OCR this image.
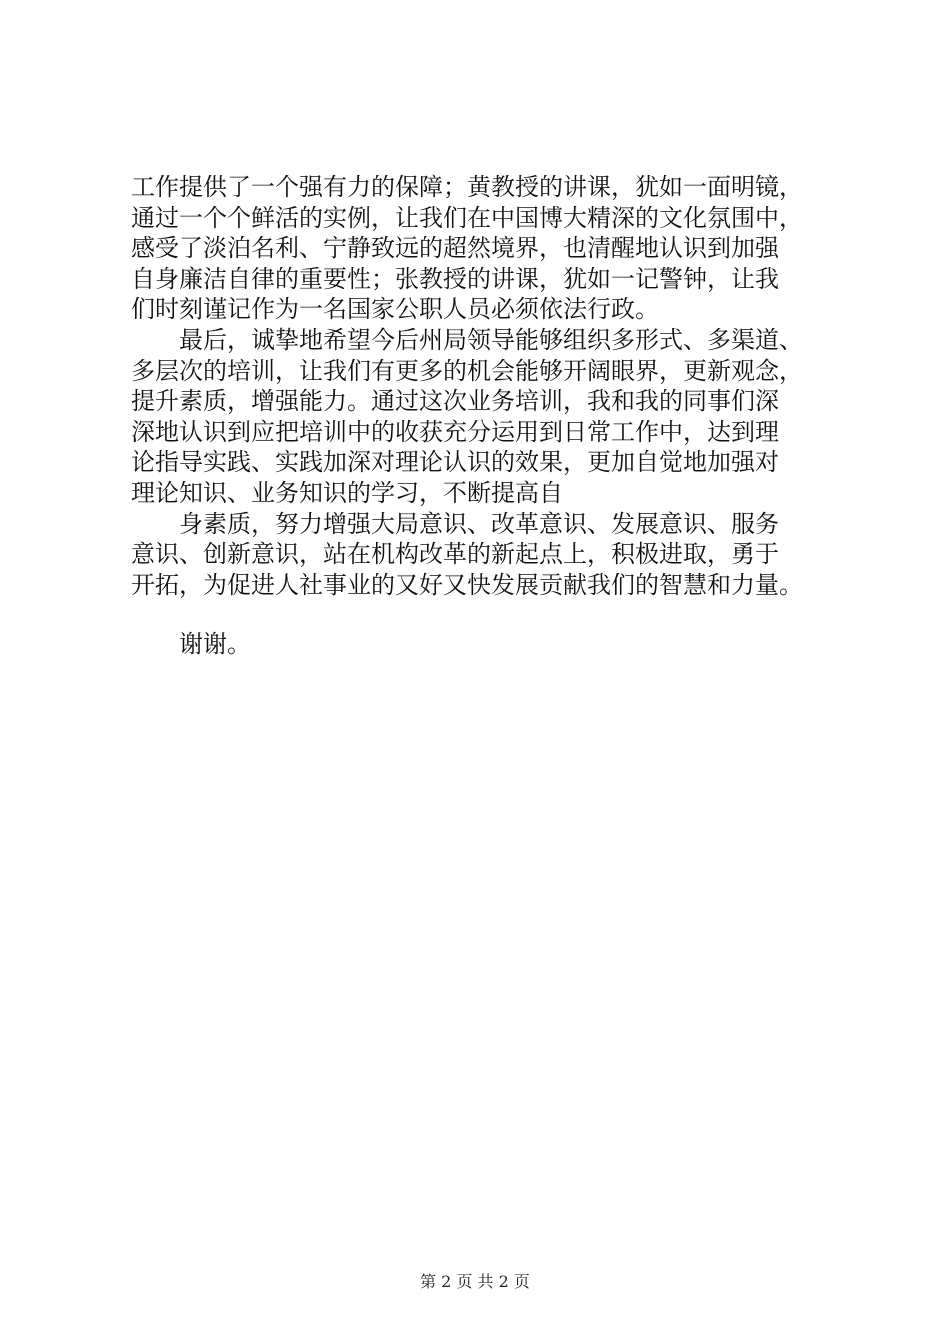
工作提供了一个强有力的保障；黄教授的讲课，犹如一面明镜，
通过一个个鲜活的实例，让我们在中国博大精深的文化氛围中，
感受了淡泊名利、宁静致远的超然境界，也清醒地认识到加强
自身廉洁自律的重要性；张教授的讲课，犹如一记警钟，让我
们时刻谨记作为一名国家公职人员必须依法行政。
最后，诚挚地希望今后州局领导能够组织多形式、多渠道、
多层次的培训，让我们有更多的机会能够开阔眼界，更新观念，
提升素质，增强能力。通过这次业务培训，我和我的同事们深
深地认识到应把培训中的收获充分运用到日常工作中，达到理
论指导实践、实践加深对理论认识的效果，更加自觉地加强对
理论知识、业务知识的学习，不断提高自
身素质，努力增强大局意识、改革意识、发展意识、服务
意识、创新意识，站在机构改革的新起点上，积极进取，勇于
开拓，为促进人社事业的又好又快发展贡献我们的智慧和力量。
谢谢。
第 2 页 共 2 页
